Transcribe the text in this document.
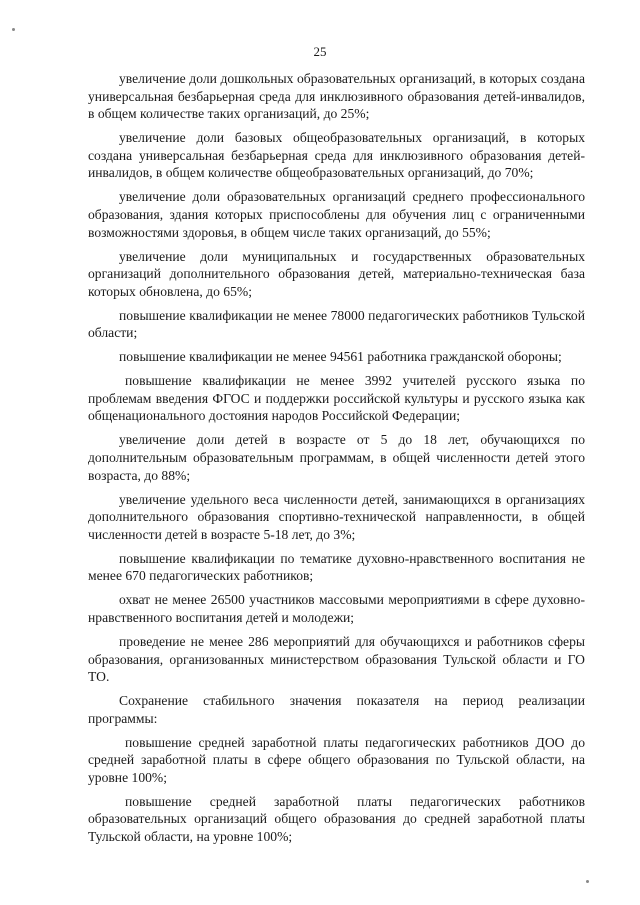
25

увеличение доли дошкольных образовательных организаций, в которых создана универсальная безбарьерная среда для инклюзивного образования детей-инвалидов, в общем количестве таких организаций, до 25%;

увеличение доли базовых общеобразовательных организаций, в которых создана универсальная безбарьерная среда для инклюзивного образования детей-инвалидов, в общем количестве общеобразовательных организаций, до 70%;

увеличение доли образовательных организаций среднего профессионального образования, здания которых приспособлены для обучения лиц с ограниченными возможностями здоровья, в общем числе таких организаций, до 55%;

увеличение доли муниципальных и государственных образовательных организаций дополнительного образования детей, материально-техническая база которых обновлена, до 65%;

повышение квалификации не менее 78000 педагогических работников Тульской области;

повышение квалификации не менее 94561 работника гражданской обороны;

повышение квалификации не менее 3992 учителей русского языка по проблемам введения ФГОС и поддержки российской культуры и русского языка как общенационального достояния народов Российской Федерации;

увеличение доли детей в возрасте от 5 до 18 лет, обучающихся по дополнительным образовательным программам, в общей численности детей этого возраста, до 88%;

увеличение удельного веса численности детей, занимающихся в организациях дополнительного образования спортивно-технической направленности, в общей численности детей в возрасте 5-18 лет, до 3%;

повышение квалификации по тематике духовно-нравственного воспитания не менее 670 педагогических работников;

охват не менее 26500 участников массовыми мероприятиями в сфере духовно-нравственного воспитания детей и молодежи;

проведение не менее 286 мероприятий для обучающихся и работников сферы образования, организованных министерством образования Тульской области и ГО ТО.

Сохранение стабильного значения показателя на период реализации программы:

повышение средней заработной платы педагогических работников ДОО до средней заработной платы в сфере общего образования по Тульской области, на уровне 100%;

повышение средней заработной платы педагогических работников образовательных организаций общего образования до средней заработной платы Тульской области, на уровне 100%;
